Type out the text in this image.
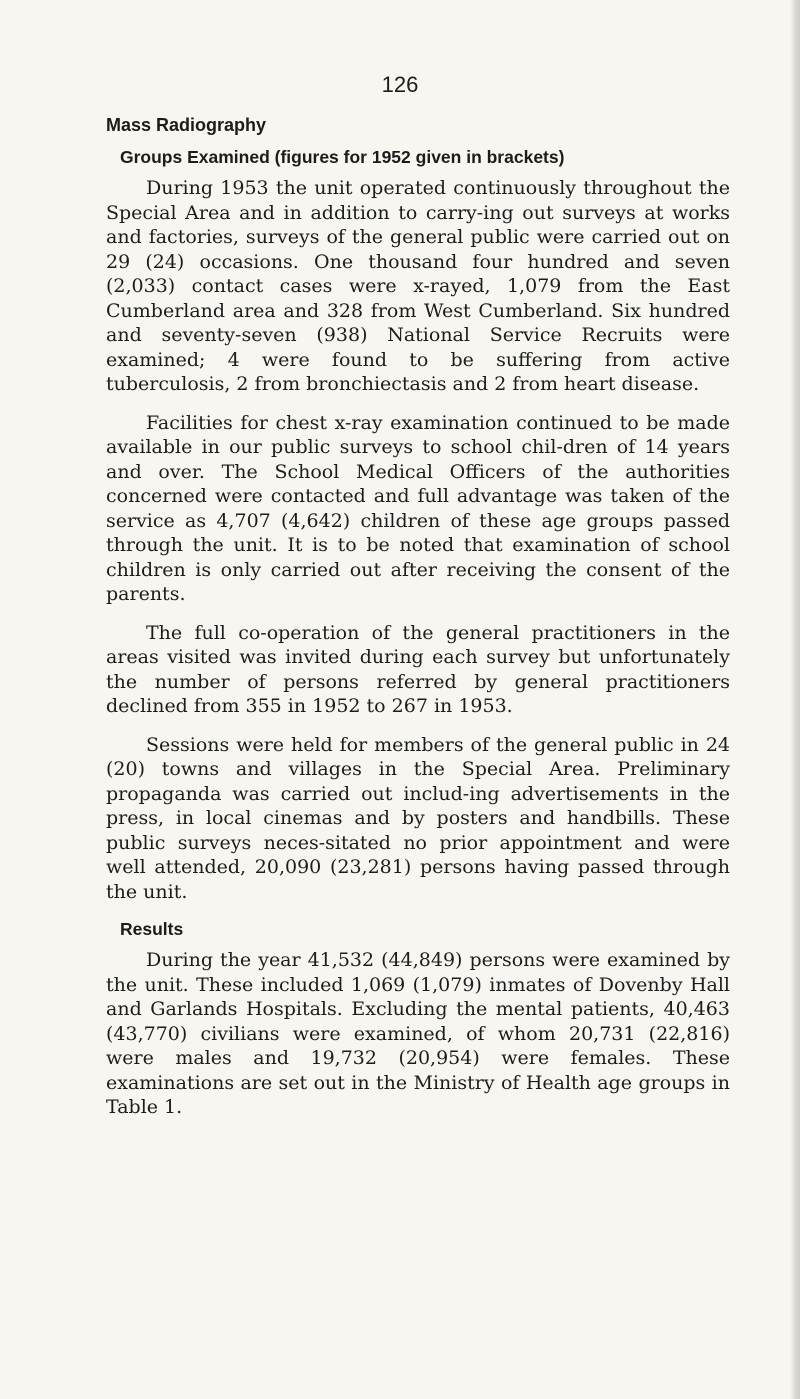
126
Mass Radiography
Groups Examined (figures for 1952 given in brackets)

During 1953 the unit operated continuously throughout the Special Area and in addition to carry-ing out surveys at works and factories, surveys of the general public were carried out on 29 (24) occasions. One thousand four hundred and seven (2,033) contact cases were x-rayed, 1,079 from the East Cumberland area and 328 from West Cumberland. Six hundred and seventy-seven (938) National Service Recruits were examined; 4 were found to be suffering from active tuberculosis, 2 from bronchiectasis and 2 from heart disease.

Facilities for chest x-ray examination continued to be made available in our public surveys to school chil-dren of 14 years and over. The School Medical Officers of the authorities concerned were contacted and full advantage was taken of the service as 4,707 (4,642) children of these age groups passed through the unit. It is to be noted that examination of school children is only carried out after receiving the consent of the parents.

The full co-operation of the general practitioners in the areas visited was invited during each survey but unfortunately the number of persons referred by general practitioners declined from 355 in 1952 to 267 in 1953.

Sessions were held for members of the general public in 24 (20) towns and villages in the Special Area. Preliminary propaganda was carried out includ-ing advertisements in the press, in local cinemas and by posters and handbills. These public surveys neces-sitated no prior appointment and were well attended, 20,090 (23,281) persons having passed through the unit.

Results

During the year 41,532 (44,849) persons were examined by the unit. These included 1,069 (1,079) inmates of Dovenby Hall and Garlands Hospitals. Excluding the mental patients, 40,463 (43,770) civilians were examined, of whom 20,731 (22,816) were males and 19,732 (20,954) were females. These examinations are set out in the Ministry of Health age groups in Table 1.
